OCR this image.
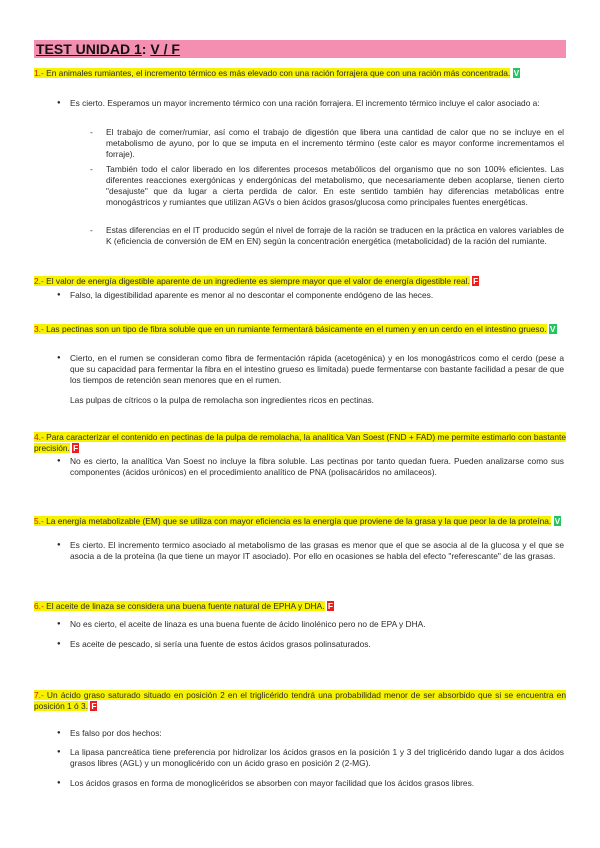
TEST UNIDAD 1: V / F
1.- En animales rumiantes, el incremento térmico es más elevado con una ración forrajera que con una ración más concentrada. V
● Es cierto. Esperamos un mayor incremento térmico con una ración forrajera. El incremento térmico incluye el calor asociado a:
- El trabajo de comer/rumiar, así como el trabajo de digestión que libera una cantidad de calor que no se incluye en el metabolismo de ayuno, por lo que se imputa en el incremento término (este calor es mayor conforme incrementamos el forraje).
- También todo el calor liberado en los diferentes procesos metabólicos del organismo que no son 100% eficientes. Las diferentes reacciones exergónicas y endergónicas del metabolismo, que necesariamente deben acoplarse, tienen cierto "desajuste" que da lugar a cierta perdida de calor. En este sentido también hay diferencias metabólicas entre monogástricos y rumiantes que utilizan AGVs o bien ácidos grasos/glucosa como principales fuentes energéticas.
- Estas diferencias en el IT producido según el nivel de forraje de la ración se traducen en la práctica en valores variables de K (eficiencia de conversión de EM en EN) según la concentración energética (metabolicidad) de la ración del rumiante.
2.- El valor de energía digestible aparente de un ingrediente es siempre mayor que el valor de energía digestible real. F
● Falso, la digestibilidad aparente es menor al no descontar el componente endógeno de las heces.
3.- Las pectinas son un tipo de fibra soluble que en un rumiante fermentará básicamente en el rumen y en un cerdo en el intestino grueso. V
● Cierto, en el rumen se consideran como fibra de fermentación rápida (acetogénica) y en los monogástricos como el cerdo (pese a que su capacidad para fermentar la fibra en el intestino grueso es limitada) puede fermentarse con bastante facilidad a pesar de que los tiempos de retención sean menores que en el rumen.
Las pulpas de cítricos o la pulpa de remolacha son ingredientes ricos en pectinas.
4.- Para caracterizar el contenido en pectinas de la pulpa de remolacha, la analítica Van Soest (FND + FAD) me permite estimarlo con bastante precisión. F
● No es cierto, la analítica Van Soest no incluye la fibra soluble. Las pectinas por tanto quedan fuera. Pueden analizarse como sus componentes (ácidos urónicos) en el procedimiento analítico de PNA (polisacáridos no amilaceos).
5.- La energía metabolizable (EM) que se utiliza con mayor eficiencia es la energía que proviene de la grasa y la que peor la de la proteína. V
● Es cierto. El incremento termico asociado al metabolismo de las grasas es menor que el que se asocia al de la glucosa y el que se asocia a de la proteína (la que tiene un mayor IT asociado). Por ello en ocasiones se habla del efecto "referescante" de las grasas.
6.- El aceite de linaza se considera una buena fuente natural de EPHA y DHA. F
● No es cierto, el aceite de linaza es una buena fuente de ácido linolénico pero no de EPA y DHA.
● Es aceite de pescado, si sería una fuente de estos ácidos grasos polinsaturados.
7.- Un ácido graso saturado situado en posición 2 en el triglicérido tendrá una probabilidad menor de ser absorbido que si se encuentra en posición 1 ó 3. F
● Es falso por dos hechos:
● La lipasa pancreática tiene preferencia por hidrolizar los ácidos grasos en la posición 1 y 3 del triglicérido dando lugar a dos ácidos grasos libres (AGL) y un monoglicérido con un ácido graso en posición 2 (2-MG).
● Los ácidos grasos en forma de monoglicéridos se absorben con mayor facilidad que los ácidos grasos libres.
